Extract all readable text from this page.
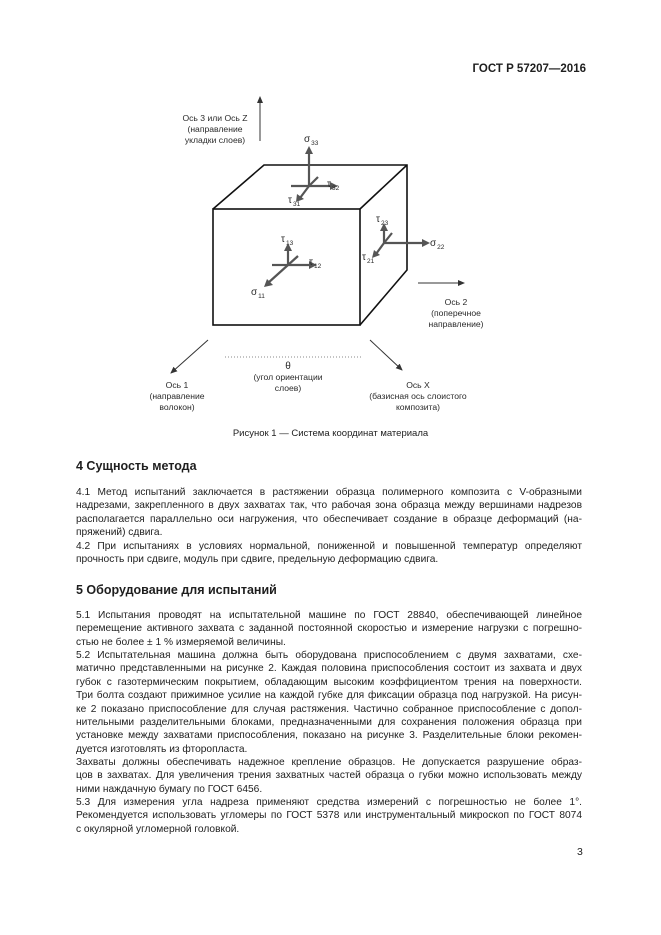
ГОСТ Р 57207—2016
Ось 3 или Ось Z
(направление
укладки слоев)
Ось 2
(поперечное
направление)
Ось 1
(направление
волокон)
Ось X
(базисная ось слоистого
композита)
θ
(угол ориентации
слоев)
$\sigma_{33}$
$\tau_{32}$
$\tau_{31}$
$\tau_{23}$
$\sigma_{22}$
$\tau_{21}$
$\tau_{13}$
$\tau_{12}$
$\sigma_{11}$
Рисунок 1 — Система координат материала
4 Сущность метода
4.1 Метод испытаний заключается в растяжении образца полимерного композита с V-образными
надрезами, закрепленного в двух захватах так, что рабочая зона образца между вершинами надрезов
располагается параллельно оси нагружения, что обеспечивает создание в образце деформаций (на-
пряжений) сдвига.
4.2 При испытаниях в условиях нормальной, пониженной и повышенной температур определяют
прочность при сдвиге, модуль при сдвиге, предельную деформацию сдвига.
5 Оборудование для испытаний
5.1 Испытания проводят на испытательной машине по ГОСТ 28840, обеспечивающей линейное
перемещение активного захвата с заданной постоянной скоростью и измерение нагрузки с погрешно-
стью не более ± 1 % измеряемой величины.
5.2 Испытательная машина должна быть оборудована приспособлением с двумя захватами, схе-
матично представленными на рисунке 2. Каждая половина приспособления состоит из захвата и двух
губок с газотермическим покрытием, обладающим высоким коэффициентом трения на поверхности.
Три болта создают прижимное усилие на каждой губке для фиксации образца под нагрузкой. На рисун-
ке 2 показано приспособление для случая растяжения. Частично собранное приспособление с допол-
нительными разделительными блоками, предназначенными для сохранения положения образца при
установке между захватами приспособления, показано на рисунке 3. Разделительные блоки рекомен-
дуется изготовлять из фторопласта.
Захваты должны обеспечивать надежное крепление образцов. Не допускается разрушение образ-
цов в захватах. Для увеличения трения захватных частей образца о губки можно использовать между
ними наждачную бумагу по ГОСТ 6456.
5.3 Для измерения угла надреза применяют средства измерений с погрешностью не более 1°.
Рекомендуется использовать угломеры по ГОСТ 5378 или инструментальный микроскоп по ГОСТ 8074
с окулярной угломерной головкой.
3
